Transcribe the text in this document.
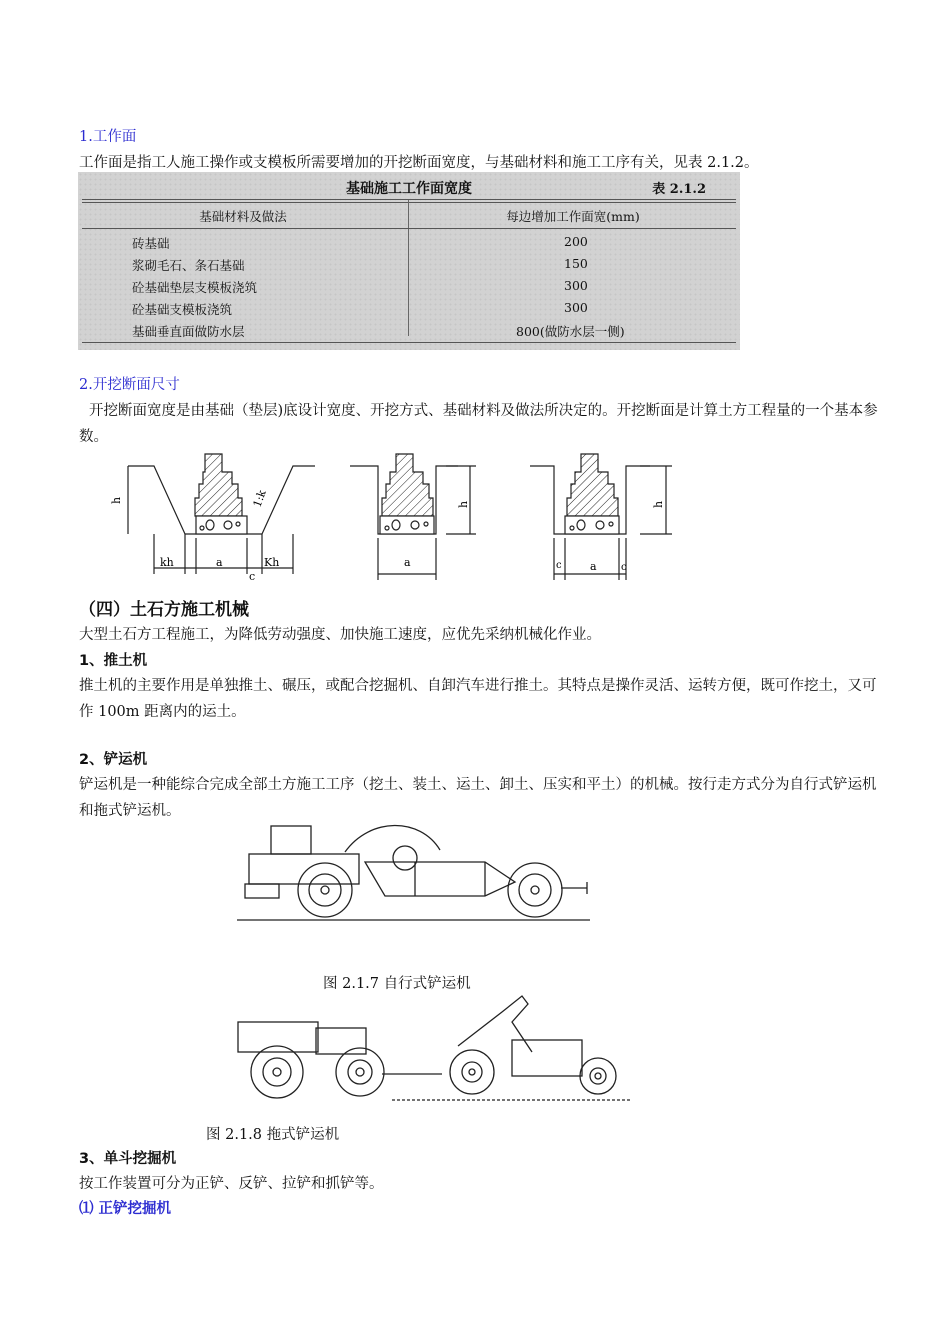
1.工作面
工作面是指工人施工操作或支模板所需要增加的开挖断面宽度，与基础材料和施工工序有关，见表 2.1.2。
基础施工工作面宽度	表 2.1.2
基础材料及做法	每边增加工作面宽(mm)
砖基础	200
浆砌毛石、条石基础	150
砼基础垫层支模板浇筑	300
砼基础支模板浇筑	300
基础垂直面做防水层	800(做防水层一侧)
2.开挖断面尺寸
开挖断面宽度是由基础（垫层)底设计宽度、开挖方式、基础材料及做法所决定的。开挖断面是计算土方工程量的一个基本参数。
h	1:k
kh	a	Kh
c
h
a
h
c	a c
（四）土石方施工机械
大型土石方工程施工，为降低劳动强度、加快施工速度，应优先采纳机械化作业。
1、推土机
推土机的主要作用是单独推土、碾压，或配合挖掘机、自卸汽车进行推土。其特点是操作灵活、运转方便，既可作挖土，又可作 100m 距离内的运土。
2、铲运机
铲运机是一种能综合完成全部土方施工工序（挖土、装土、运土、卸土、压实和平土）的机械。按行走方式分为自行式铲运机和拖式铲运机。
图 2.1.7 自行式铲运机
图 2.1.8 拖式铲运机
3、单斗挖掘机
按工作装置可分为正铲、反铲、拉铲和抓铲等。
⑴ 正铲挖掘机
